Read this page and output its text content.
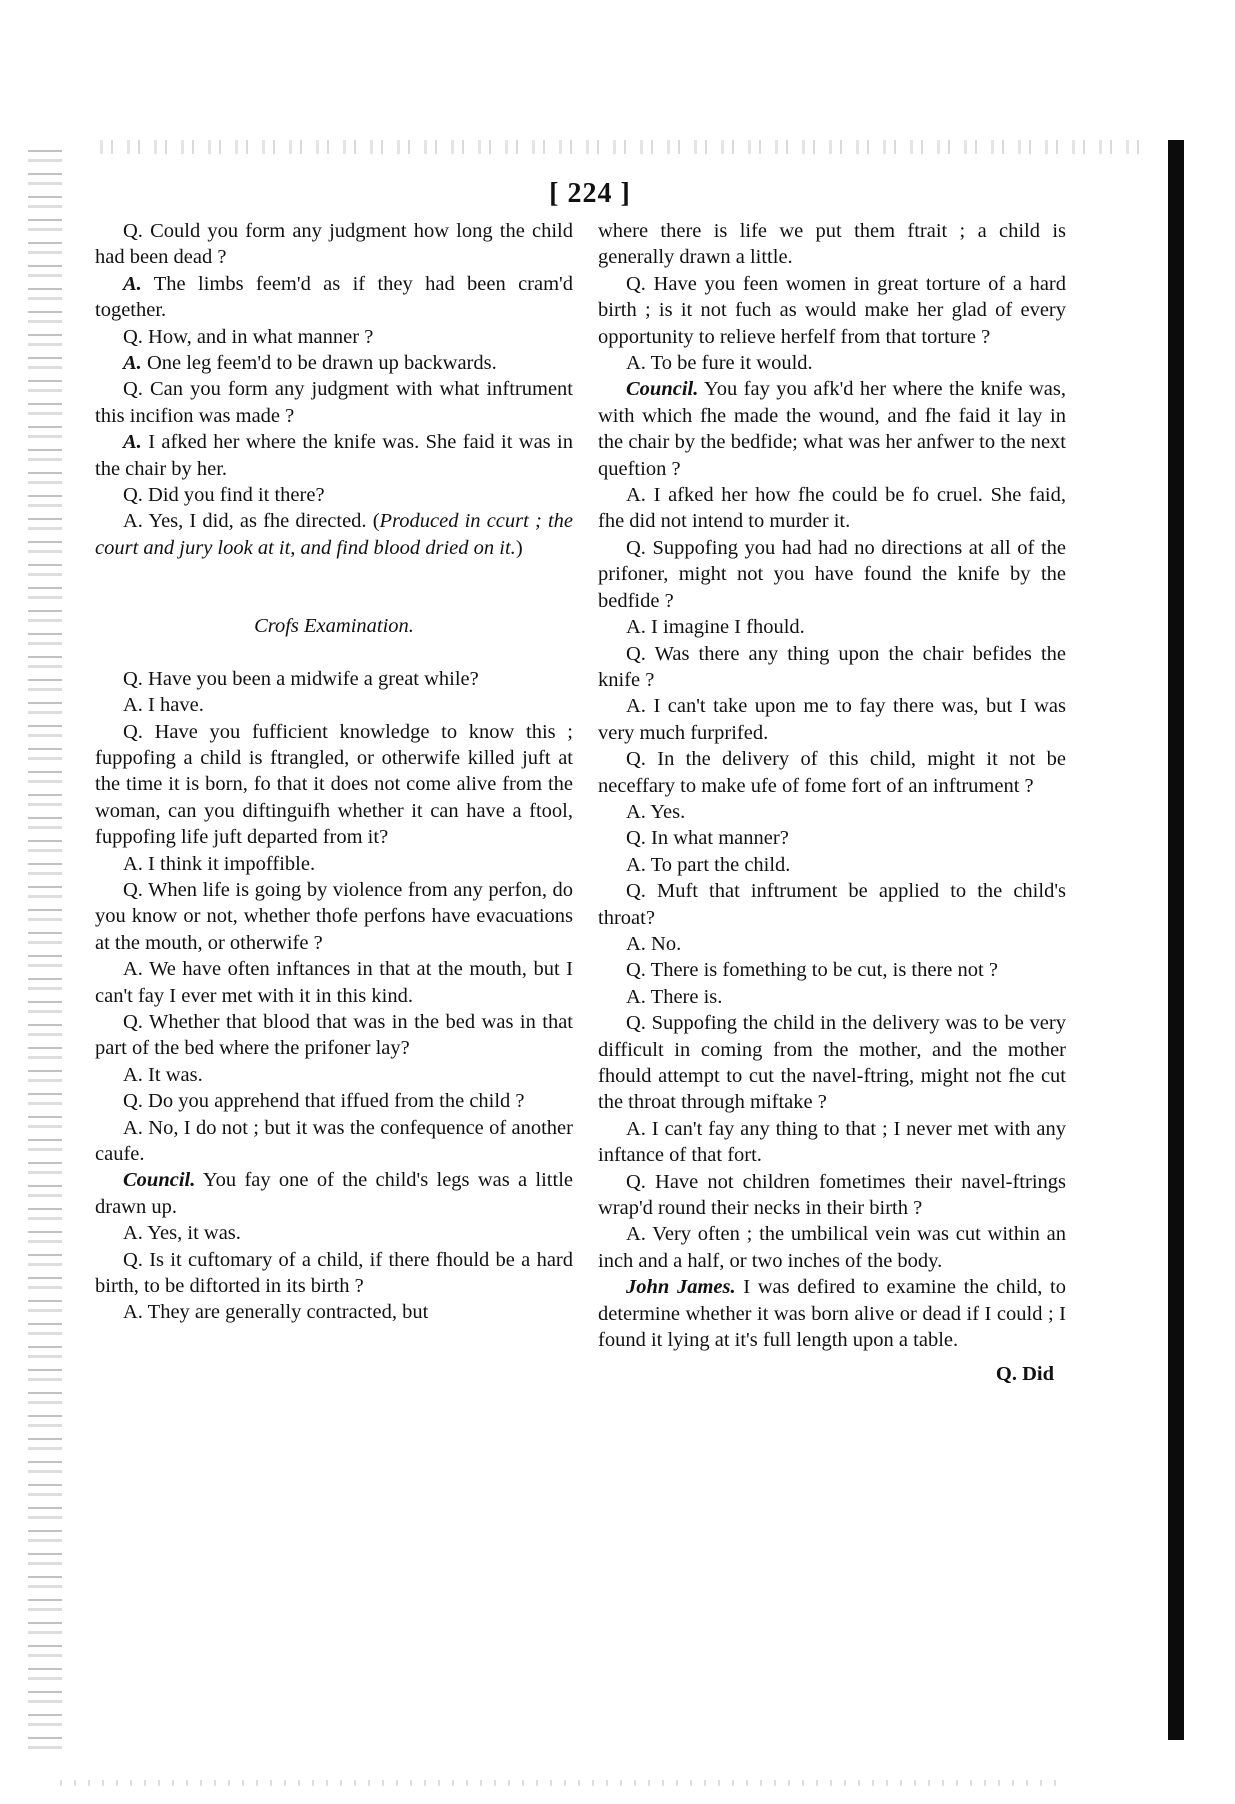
[ 224 ]

Q. Could you form any judgment how long the child had been dead ?

A. The limbs feem'd as if they had been cram'd together.

Q. How, and in what manner ?

A. One leg feem'd to be drawn up backwards.

Q. Can you form any judgment with what inftrument this incifion was made ?

A. I afked her where the knife was. She faid it was in the chair by her.

Q. Did you find it there?

A. Yes, I did, as fhe directed. (Produced in ccurt ; the court and jury look at it, and find blood dried on it.)

Crofs Examination.

Q. Have you been a midwife a great while?

A. I have.

Q. Have you fufficient knowledge to know this ; fuppofing a child is ftrangled, or otherwife killed juft at the time it is born, fo that it does not come alive from the woman, can you diftinguifh whether it can have a ftool, fuppofing life juft departed from it?

A. I think it impoffible.

Q. When life is going by violence from any perfon, do you know or not, whether thofe perfons have evacuations at the mouth, or otherwife ?

A. We have often inftances in that at the mouth, but I can't fay I ever met with it in this kind.

Q. Whether that blood that was in the bed was in that part of the bed where the prifoner lay?

A. It was.

Q. Do you apprehend that iffued from the child ?

A. No, I do not ; but it was the confequence of another caufe.

Council. You fay one of the child's legs was a little drawn up.

A. Yes, it was.

Q. Is it cuftomary of a child, if there fhould be a hard birth, to be diftorted in its birth ?

A. They are generally contracted, but

where there is life we put them ftrait ; a child is generally drawn a little.

Q. Have you feen women in great torture of a hard birth ; is it not fuch as would make her glad of every opportunity to relieve herfelf from that torture ?

A. To be fure it would.

Council. You fay you afk'd her where the knife was, with which fhe made the wound, and fhe faid it lay in the chair by the bedfide; what was her anfwer to the next queftion ?

A. I afked her how fhe could be fo cruel. She faid, fhe did not intend to murder it.

Q. Suppofing you had had no directions at all of the prifoner, might not you have found the knife by the bedfide ?

A. I imagine I fhould.

Q. Was there any thing upon the chair befides the knife ?

A. I can't take upon me to fay there was, but I was very much furprifed.

Q. In the delivery of this child, might it not be neceffary to make ufe of fome fort of an inftrument ?

A. Yes.

Q. In what manner?

A. To part the child.

Q. Muft that inftrument be applied to the child's throat?

A. No.

Q. There is fomething to be cut, is there not ?

A. There is.

Q. Suppofing the child in the delivery was to be very difficult in coming from the mother, and the mother fhould attempt to cut the navel-ftring, might not fhe cut the throat through miftake ?

A. I can't fay any thing to that ; I never met with any inftance of that fort.

Q. Have not children fometimes their navel-ftrings wrap'd round their necks in their birth ?

A. Very often ; the umbilical vein was cut within an inch and a half, or two inches of the body.

John James. I was defired to examine the child, to determine whether it was born alive or dead if I could ; I found it lying at it's full length upon a table.

Q. Did
